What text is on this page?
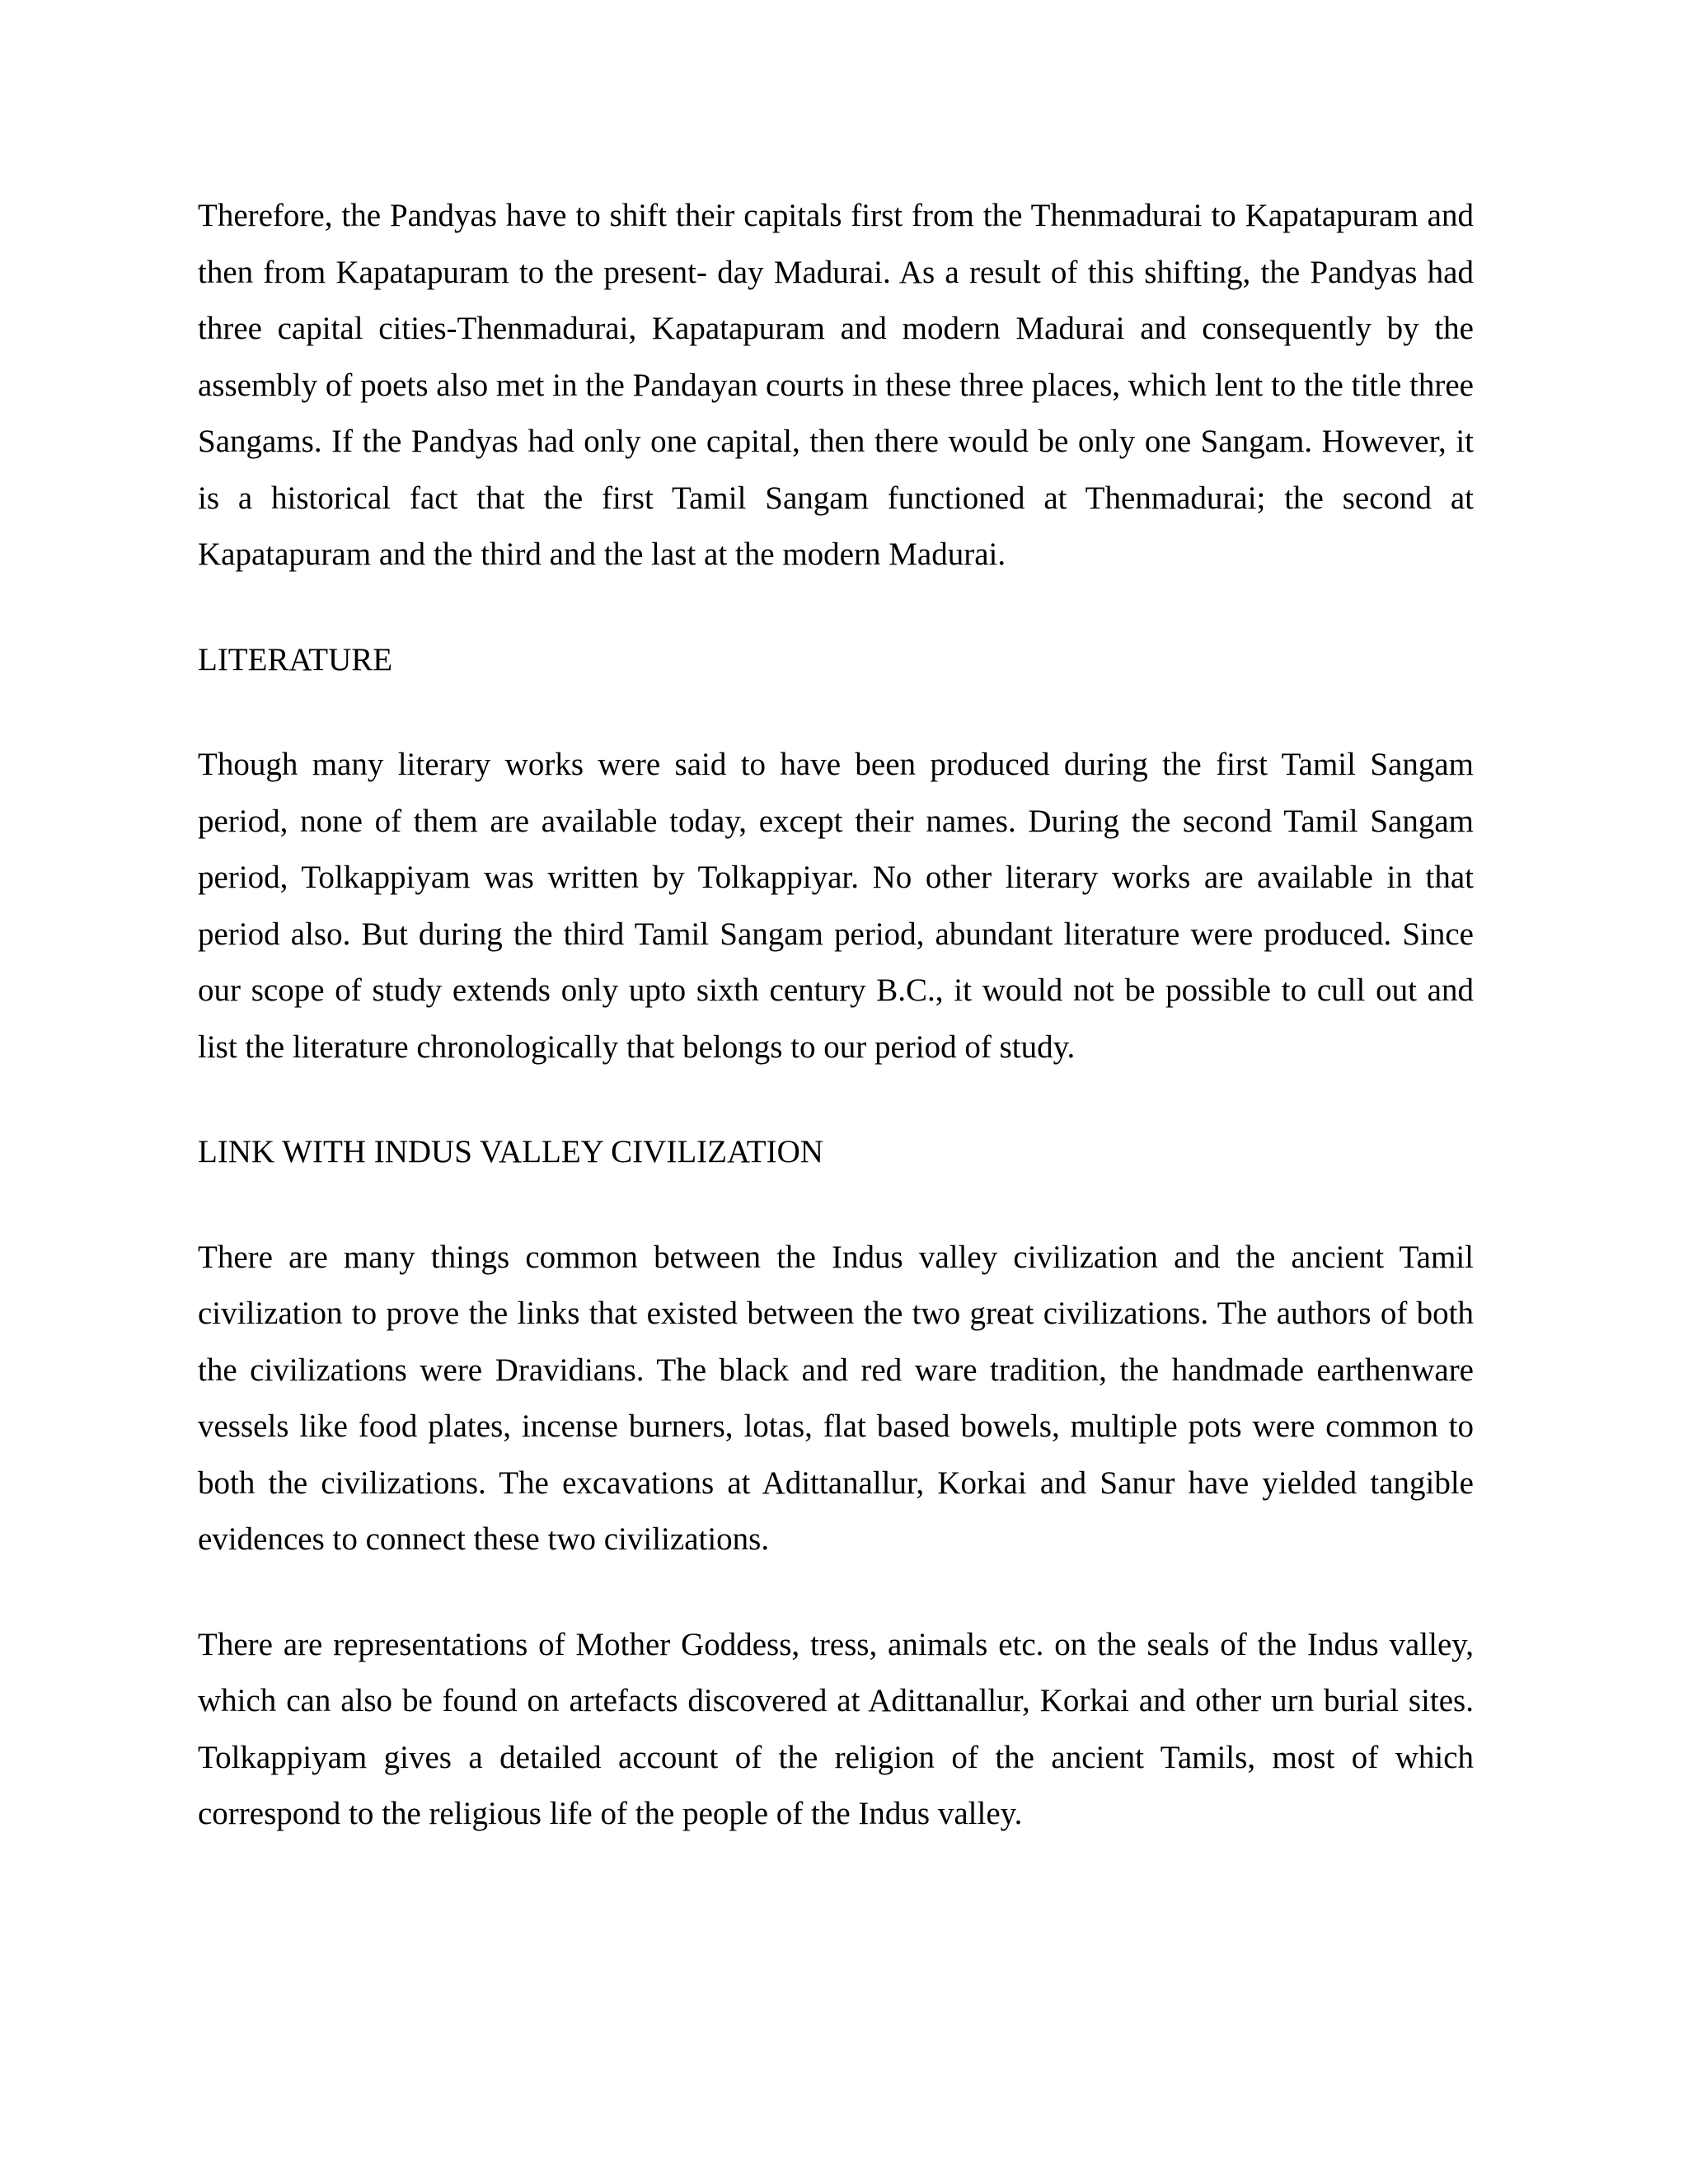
Therefore, the Pandyas have to shift their capitals first from the Thenmadurai to Kapatapuram and then from Kapatapuram to the present- day Madurai. As a result of this shifting, the Pandyas had three capital cities-Thenmadurai, Kapatapuram and modern Madurai and consequently by the assembly of poets also met in the Pandayan courts in these three places, which lent to the title three Sangams. If the Pandyas had only one capital, then there would be only one Sangam. However, it is a historical fact that the first Tamil Sangam functioned at Thenmadurai; the second at Kapatapuram and the third and the last at the modern Madurai.

LITERATURE

Though many literary works were said to have been produced during the first Tamil Sangam period, none of them are available today, except their names. During the second Tamil Sangam period, Tolkappiyam was written by Tolkappiyar. No other literary works are available in that period also. But during the third Tamil Sangam period, abundant literature were produced. Since our scope of study extends only upto sixth century B.C., it would not be possible to cull out and list the literature chronologically that belongs to our period of study.

LINK WITH INDUS VALLEY CIVILIZATION

There are many things common between the Indus valley civilization and the ancient Tamil civilization to prove the links that existed between the two great civilizations. The authors of both the civilizations were Dravidians. The black and red ware tradition, the handmade earthenware vessels like food plates, incense burners, lotas, flat based bowels, multiple pots were common to both the civilizations. The excavations at Adittanallur, Korkai and Sanur have yielded tangible evidences to connect these two civilizations.

There are representations of Mother Goddess, tress, animals etc. on the seals of the Indus valley, which can also be found on artefacts discovered at Adittanallur, Korkai and other urn burial sites. Tolkappiyam gives a detailed account of the religion of the ancient Tamils, most of which correspond to the religious life of the people of the Indus valley.
